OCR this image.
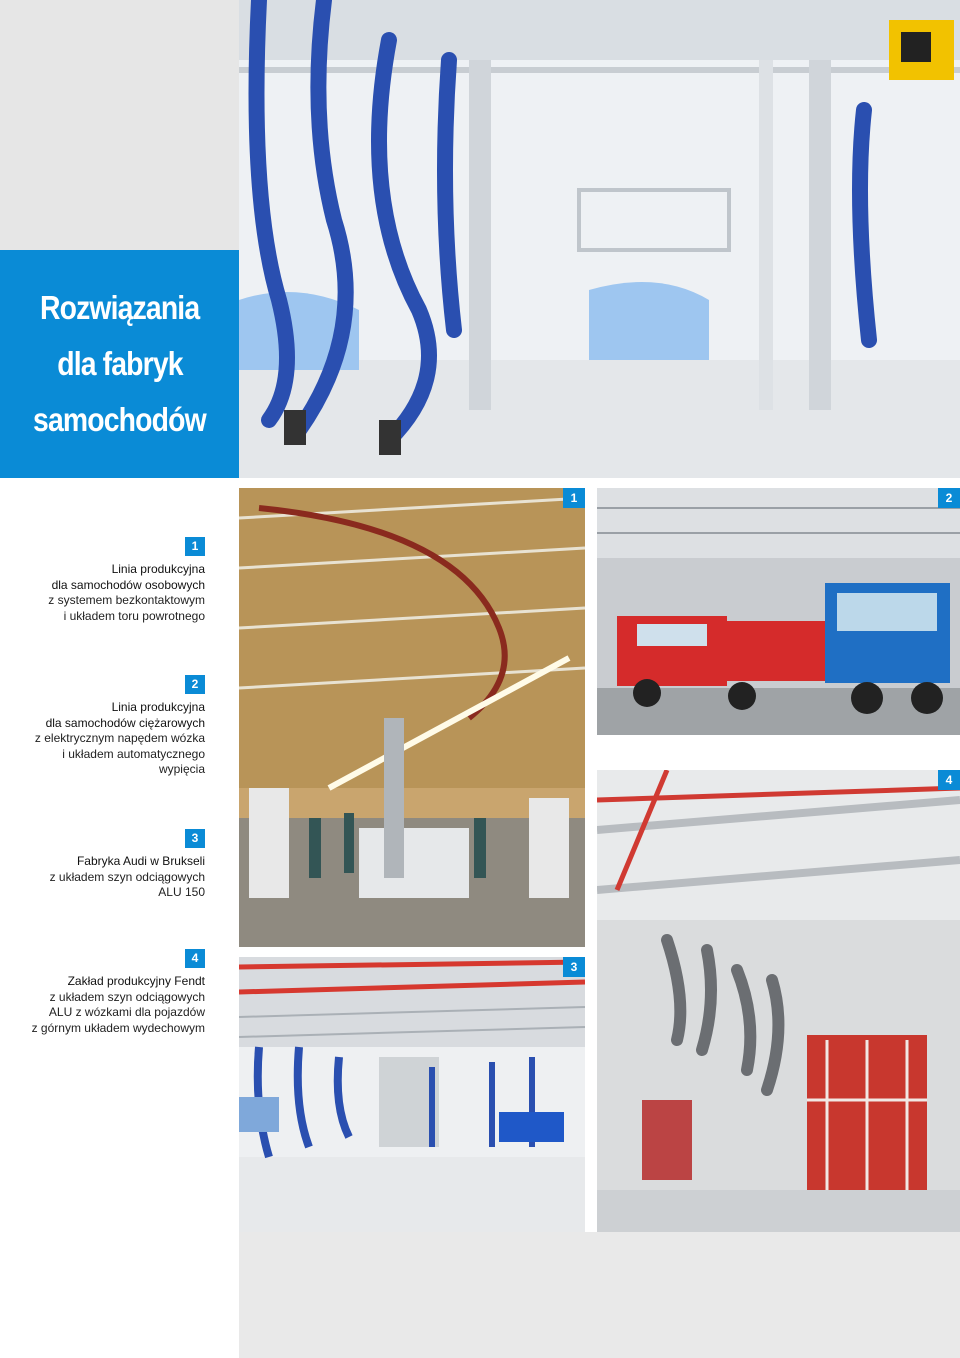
Rozwiązania
dla fabryk
samochodów
1	2
4
3
1
Linia produkcyjna
dla samochodów osobowych
z systemem bezkontaktowym
i układem toru powrotnego
2
Linia produkcyjna
dla samochodów ciężarowych
z elektrycznym napędem wózka
i układem automatycznego
wypięcia
3
Fabryka Audi w Brukseli
z układem szyn odciągowych
ALU 150
4
Zakład produkcyjny Fendt
z układem szyn odciągowych
ALU z wózkami dla pojazdów
z górnym układem wydechowym
